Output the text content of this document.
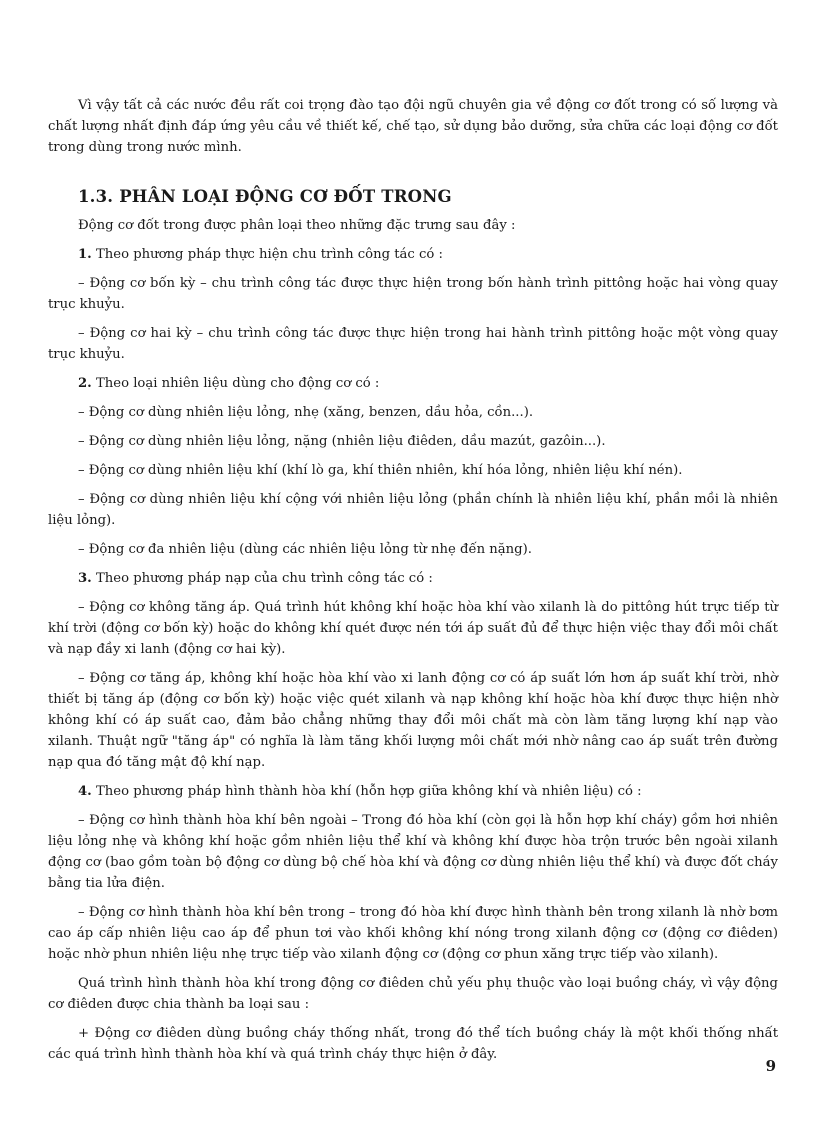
Vì vậy tất cả các nước đều rất coi trọng đào tạo đội ngũ chuyên gia về động cơ đốt trong có số lượng và chất lượng nhất định đáp ứng yêu cầu về thiết kế, chế tạo, sử dụng bảo dưỡng, sửa chữa các loại động cơ đốt trong dùng trong nước mình.

1.3. PHÂN LOẠI ĐỘNG CƠ ĐỐT TRONG

Động cơ đốt trong được phân loại theo những đặc trưng sau đây :

1. Theo phương pháp thực hiện chu trình công tác có :

– Động cơ bốn kỳ – chu trình công tác được thực hiện trong bốn hành trình pittông hoặc hai vòng quay trục khuỷu.

– Động cơ hai kỳ – chu trình công tác được thực hiện trong hai hành trình pittông hoặc một vòng quay trục khuỷu.

2. Theo loại nhiên liệu dùng cho động cơ có :

– Động cơ dùng nhiên liệu lỏng, nhẹ (xăng, benzen, dầu hỏa, cồn...).

– Động cơ dùng nhiên liệu lỏng, nặng (nhiên liệu điêden, dầu mazút, gazôin...).

– Động cơ dùng nhiên liệu khí (khí lò ga, khí thiên nhiên, khí hóa lỏng, nhiên liệu khí nén).

– Động cơ dùng nhiên liệu khí cộng với nhiên liệu lỏng (phần chính là nhiên liệu khí, phần mồi là nhiên liệu lỏng).

– Động cơ đa nhiên liệu (dùng các nhiên liệu lỏng từ nhẹ đến nặng).

3. Theo phương pháp nạp của chu trình công tác có :

– Động cơ không tăng áp. Quá trình hút không khí hoặc hòa khí vào xilanh là do pittông hút trực tiếp từ khí trời (động cơ bốn kỳ) hoặc do không khí quét được nén tới áp suất đủ để thực hiện việc thay đổi môi chất và nạp đầy xi lanh (động cơ hai kỳ).

– Động cơ tăng áp, không khí hoặc hòa khí vào xi lanh động cơ có áp suất lớn hơn áp suất khí trời, nhờ thiết bị tăng áp (động cơ bốn kỳ) hoặc việc quét xilanh và nạp không khí hoặc hòa khí được thực hiện nhờ không khí có áp suất cao, đảm bảo chẳng những thay đổi môi chất mà còn làm tăng lượng khí nạp vào xilanh. Thuật ngữ "tăng áp" có nghĩa là làm tăng khối lượng môi chất mới nhờ nâng cao áp suất trên đường nạp qua đó tăng mật độ khí nạp.

4. Theo phương pháp hình thành hòa khí (hỗn hợp giữa không khí và nhiên liệu) có :

– Động cơ hình thành hòa khí bên ngoài – Trong đó hòa khí (còn gọi là hỗn hợp khí cháy) gồm hơi nhiên liệu lỏng nhẹ và không khí hoặc gồm nhiên liệu thể khí và không khí được hòa trộn trước bên ngoài xilanh động cơ (bao gồm toàn bộ động cơ dùng bộ chế hòa khí và động cơ dùng nhiên liệu thể khí) và được đốt cháy bằng tia lửa điện.

– Động cơ hình thành hòa khí bên trong – trong đó hòa khí được hình thành bên trong xilanh là nhờ bơm cao áp cấp nhiên liệu cao áp để phun tơi vào khối không khí nóng trong xilanh động cơ (động cơ điêden) hoặc nhờ phun nhiên liệu nhẹ trực tiếp vào xilanh động cơ (động cơ phun xăng trực tiếp vào xilanh).

Quá trình hình thành hòa khí trong động cơ điêden chủ yếu phụ thuộc vào loại buồng cháy, vì vậy động cơ điêden được chia thành ba loại sau :

+ Động cơ điêden dùng buồng cháy thống nhất, trong đó thể tích buồng cháy là một khối thống nhất các quá trình hình thành hòa khí và quá trình cháy thực hiện ở đây.

9
